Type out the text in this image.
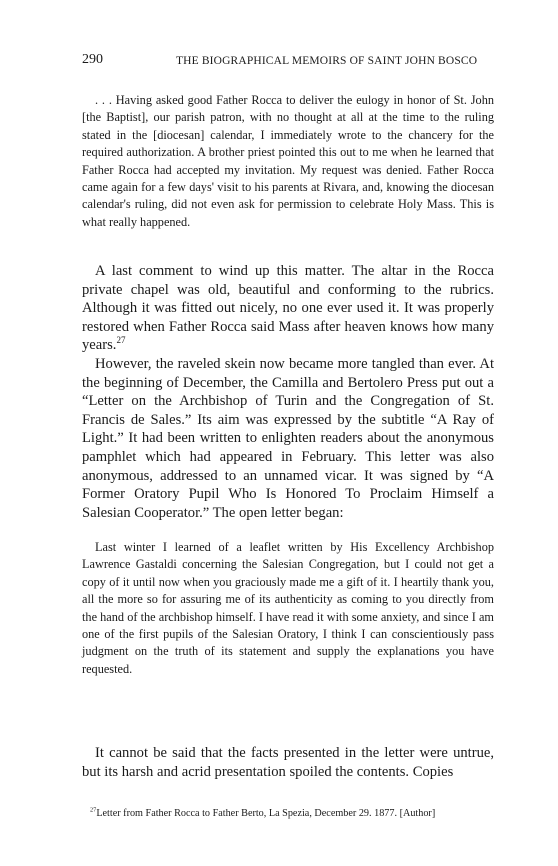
290	THE BIOGRAPHICAL MEMOIRS OF SAINT JOHN BOSCO

. . . Having asked good Father Rocca to deliver the eulogy in honor of St. John [the Baptist], our parish patron, with no thought at all at the time to the ruling stated in the [diocesan] calendar, I immediately wrote to the chancery for the required authorization. A brother priest pointed this out to me when he learned that Father Rocca had accepted my invitation. My request was denied. Father Rocca came again for a few days' visit to his parents at Rivara, and, knowing the diocesan calendar's ruling, did not even ask for permission to celebrate Holy Mass. This is what really happened.

A last comment to wind up this matter. The altar in the Rocca private chapel was old, beautiful and conforming to the rubrics. Although it was fitted out nicely, no one ever used it. It was properly restored when Father Rocca said Mass after heaven knows how many years.$^{27}$

However, the raveled skein now became more tangled than ever. At the beginning of December, the Camilla and Bertolero Press put out a “Letter on the Archbishop of Turin and the Congregation of St. Francis de Sales.” Its aim was expressed by the subtitle “A Ray of Light.” It had been written to enlighten readers about the anonymous pamphlet which had appeared in February. This letter was also anonymous, addressed to an unnamed vicar. It was signed by “A Former Oratory Pupil Who Is Honored To Proclaim Himself a Salesian Cooperator.” The open letter began:

Last winter I learned of a leaflet written by His Excellency Archbishop Lawrence Gastaldi concerning the Salesian Congregation, but I could not get a copy of it until now when you graciously made me a gift of it. I heartily thank you, all the more so for assuring me of its authenticity as coming to you directly from the hand of the archbishop himself. I have read it with some anxiety, and since I am one of the first pupils of the Salesian Oratory, I think I can conscientiously pass judgment on the truth of its statement and supply the explanations you have requested.

It cannot be said that the facts presented in the letter were untrue, but its harsh and acrid presentation spoiled the contents. Copies

$^{27}$Letter from Father Rocca to Father Berto, La Spezia, December 29. 1877. [Author]
